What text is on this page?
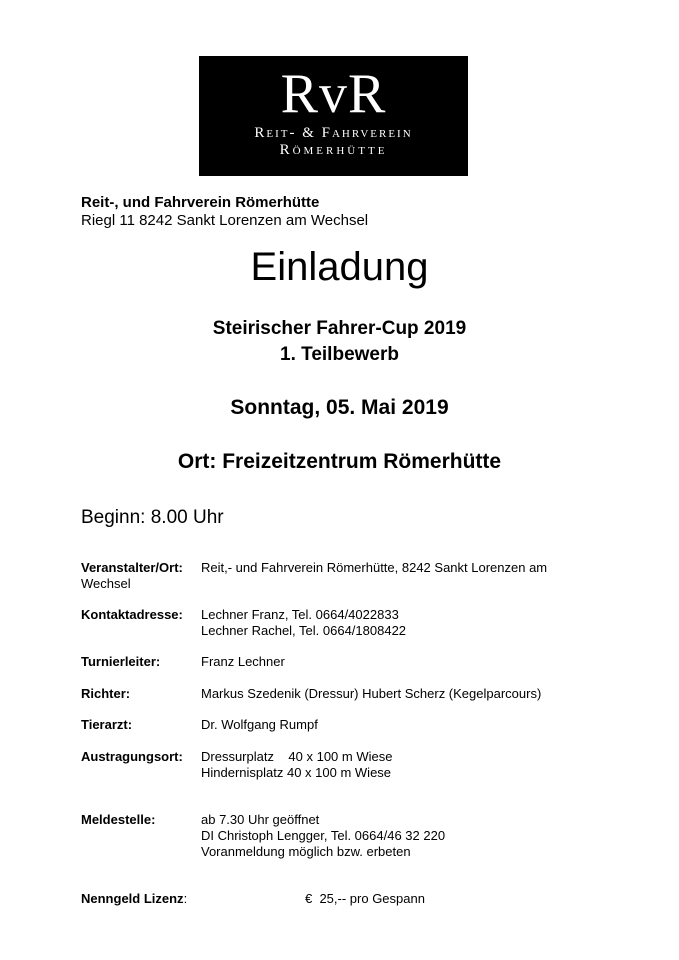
RvR
Reit- & Fahrverein
Römerhütte
Reit-, und Fahrverein Römerhütte
Riegl 11 8242 Sankt Lorenzen am Wechsel
Einladung
Steirischer Fahrer-Cup 2019
1. Teilbewerb
Sonntag, 05. Mai 2019
Ort: Freizeitzentrum Römerhütte
Beginn: 8.00 Uhr
Veranstalter/Ort: Reit,- und Fahrverein Römerhütte, 8242 Sankt Lorenzen am
Wechsel
Kontaktadresse: Lechner Franz, Tel. 0664/4022833
Lechner Rachel, Tel. 0664/1808422
Turnierleiter:	Franz Lechner
Richter:	Markus Szedenik (Dressur) Hubert Scherz (Kegelparcours)
Tierarzt:	Dr. Wolfgang Rumpf
Austragungsort: Dressurplatz    40 x 100 m Wiese
Hindernisplatz 40 x 100 m Wiese
Meldestelle:	ab 7.30 Uhr geöffnet
DI Christoph Lengger, Tel. 0664/46 32 220
Voranmeldung möglich bzw. erbeten
Nenngeld Lizenz:	€  25,-- pro Gespann
